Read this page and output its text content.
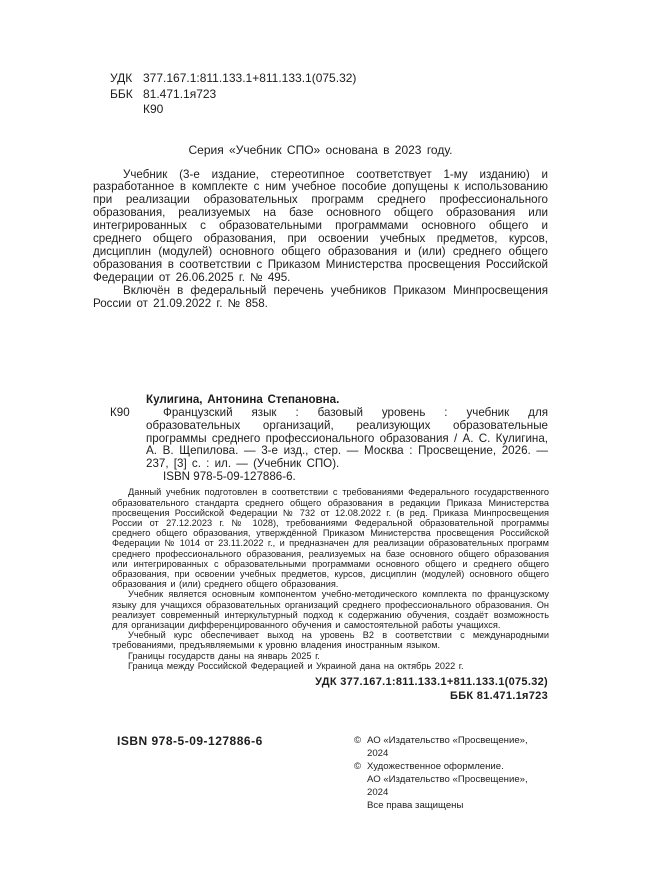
УДК 377.167.1:811.133.1+811.133.1(075.32)
ББК 81.471.1я723
К90
Серия «Учебник СПО» основана в 2023 году.

Учебник (3-е издание, стереотипное соответствует 1-му изданию) и разработанное в комплекте с ним учебное пособие допущены к использованию при реализации образовательных программ среднего профессионального образования, реализуемых на базе основного общего образования или интегрированных с образовательными программами основного общего и среднего общего образования, при освоении учебных предметов, курсов, дисциплин (модулей) основного общего образования и (или) среднего общего образования в соответствии с Приказом Министерства просвещения Российской Федерации от 26.06.2025 г. № 495.

Включён в федеральный перечень учебников Приказом Минпросвещения России от 21.09.2022 г. № 858.

К90
Кулигина, Антонина Степановна.

Французский язык : базовый уровень : учебник для образовательных организаций, реализующих образовательные программы среднего профессионального образования / А. С. Кулигина, А. В. Щепилова. — 3-е изд., стер. — Москва : Просвещение, 2026. — 237, [3] с. : ил. — (Учебник СПО).

ISBN 978-5-09-127886-6.

Данный учебник подготовлен в соответствии с требованиями Федерального государственного образовательного стандарта среднего общего образования в редакции Приказа Министерства просвещения Российской Федерации № 732 от 12.08.2022 г. (в ред. Приказа Минпросвещения России от 27.12.2023 г. № 1028), требованиями Федеральной образовательной программы среднего общего образования, утверждённой Приказом Министерства просвещения Российской Федерации № 1014 от 23.11.2022 г., и предназначен для реализации образовательных программ среднего профессионального образования, реализуемых на базе основного общего образования или интегрированных с образовательными программами основного общего и среднего общего образования, при освоении учебных предметов, курсов, дисциплин (модулей) основного общего образования и (или) среднего общего образования.

Учебник является основным компонентом учебно-методического комплекта по французскому языку для учащихся образовательных организаций среднего профессионального образования. Он реализует современный интеркультурный подход к содержанию обучения, создаёт возможность для организации дифференцированного обучения и самостоятельной работы учащихся.

Учебный курс обеспечивает выход на уровень В2 в соответствии с международными требованиями, предъявляемыми к уровню владения иностранным языком.

Границы государств даны на январь 2025 г.

Граница между Российской Федерацией и Украиной дана на октябрь 2022 г.

УДК 377.167.1:811.133.1+811.133.1(075.32)
ББК 81.471.1я723
ISBN 978-5-09-127886-6	© АО «Издательство «Просвещение», 2024
© Художественное оформление.
АО «Издательство «Просвещение», 2024
Все права защищены
